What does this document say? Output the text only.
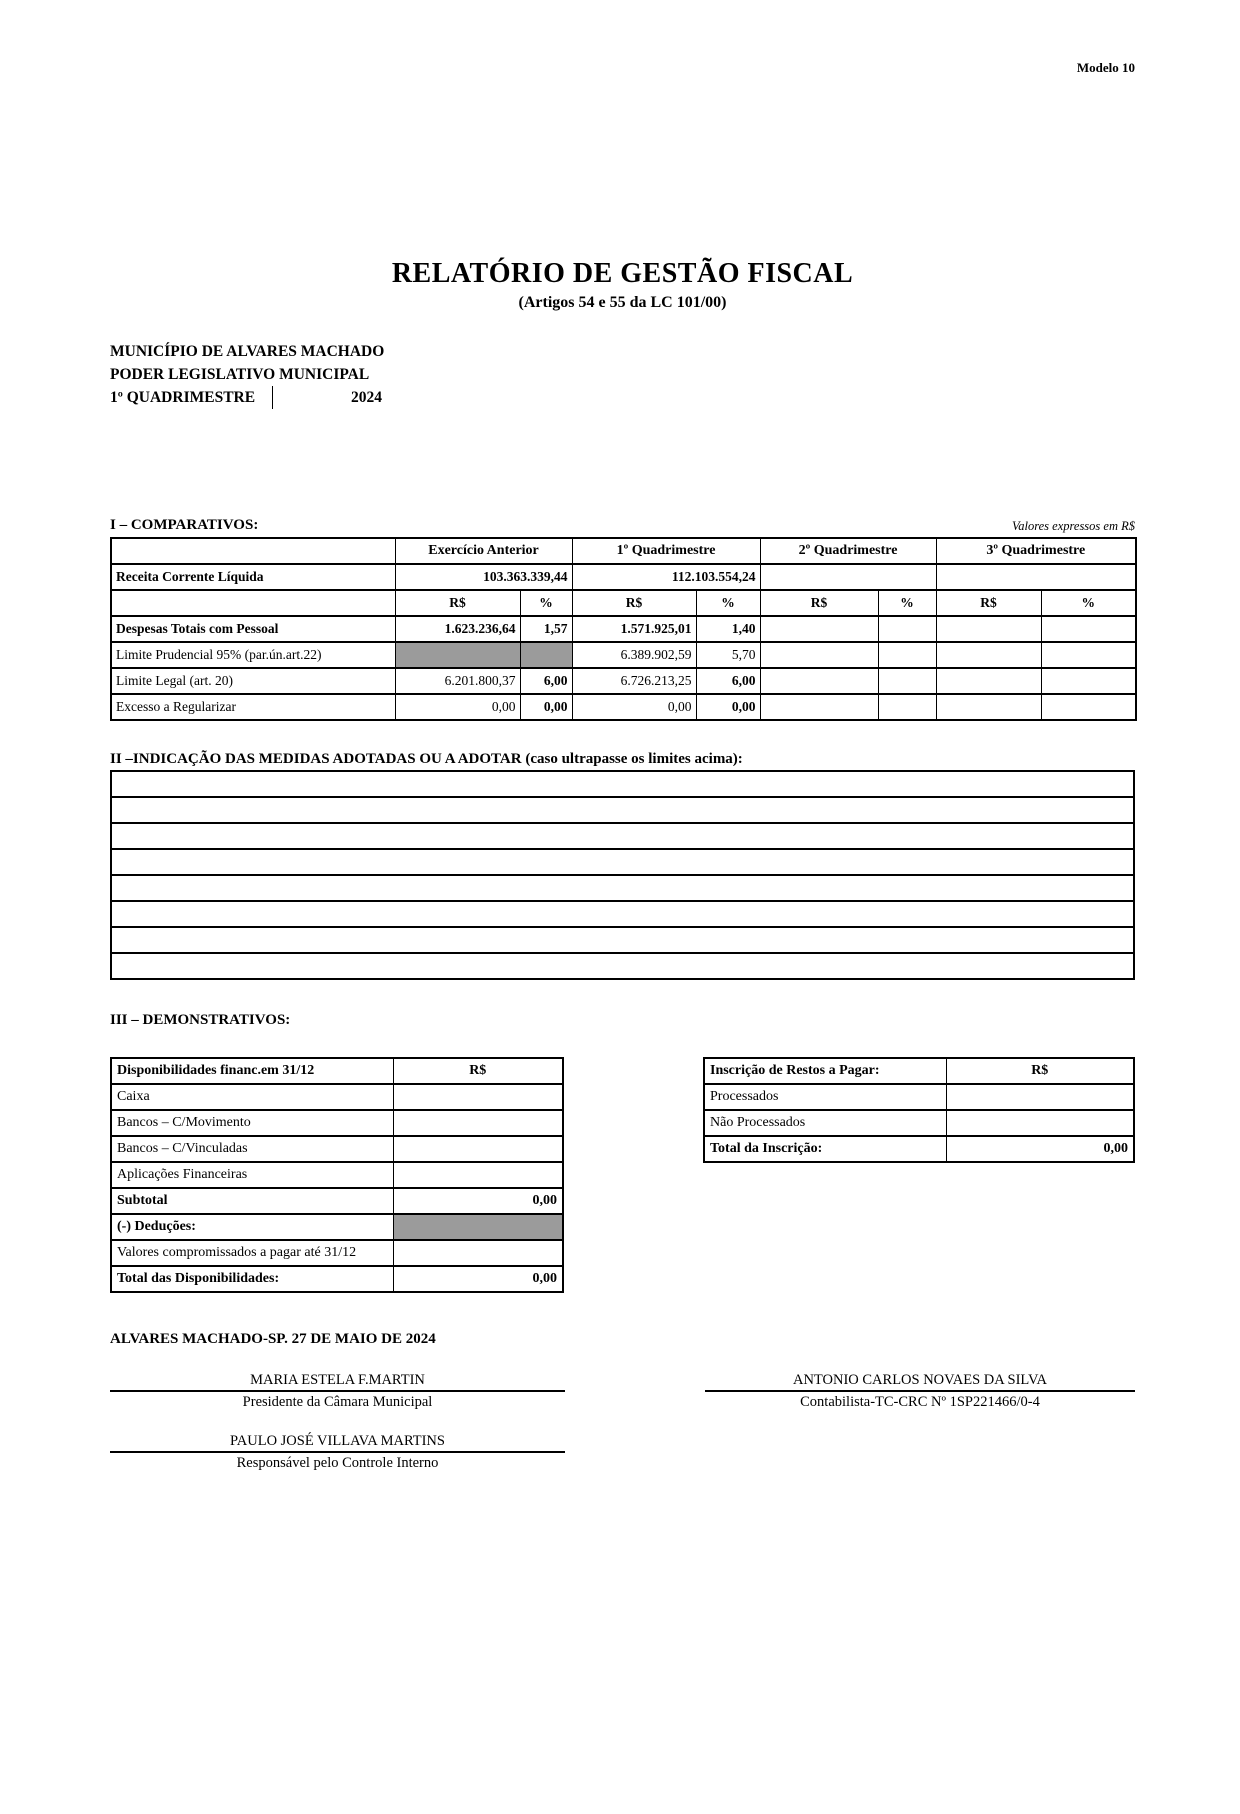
Modelo 10
RELATÓRIO DE GESTÃO FISCAL
(Artigos 54 e 55 da LC 101/00)
MUNICÍPIO DE ALVARES MACHADO
PODER LEGISLATIVO MUNICIPAL
1º QUADRIMESTRE	2024
I – COMPARATIVOS:	Valores expressos em R$
	Exercício Anterior		1º Quadrimestre		2º Quadrimestre		3º Quadrimestre	
Receita Corrente Líquida	103.363.339,44		112.103.554,24					
	R$	%	R$	%	R$	%	R$	%
Despesas Totais com Pessoal	1.623.236,64	1,57	1.571.925,01	1,40				
Limite Prudencial 95% (par.ún.art.22)			6.389.902,59	5,70				
Limite Legal (art. 20)	6.201.800,37	6,00	6.726.213,25	6,00				
Excesso a Regularizar	0,00	0,00	0,00	0,00				
II –INDICAÇÃO DAS MEDIDAS ADOTADAS OU A ADOTAR (caso ultrapasse os limites acima):

III – DEMONSTRATIVOS:
Disponibilidades financ.em 31/12	R$
Caixa	
Bancos – C/Movimento	
Bancos – C/Vinculadas	
Aplicações Financeiras	
Subtotal	0,00
(-) Deduções:	
Valores compromissados a pagar até 31/12	
Total das Disponibilidades:	0,00
Inscrição de Restos a Pagar:	R$
Processados	
Não Processados	
Total da Inscrição:	0,00
ALVARES MACHADO-SP. 27 DE MAIO DE 2024
MARIA ESTELA F.MARTIN
Presidente da Câmara Municipal
ANTONIO CARLOS NOVAES DA SILVA
Contabilista-TC-CRC Nº 1SP221466/0-4
PAULO JOSÉ VILLAVA MARTINS
Responsável pelo Controle Interno
